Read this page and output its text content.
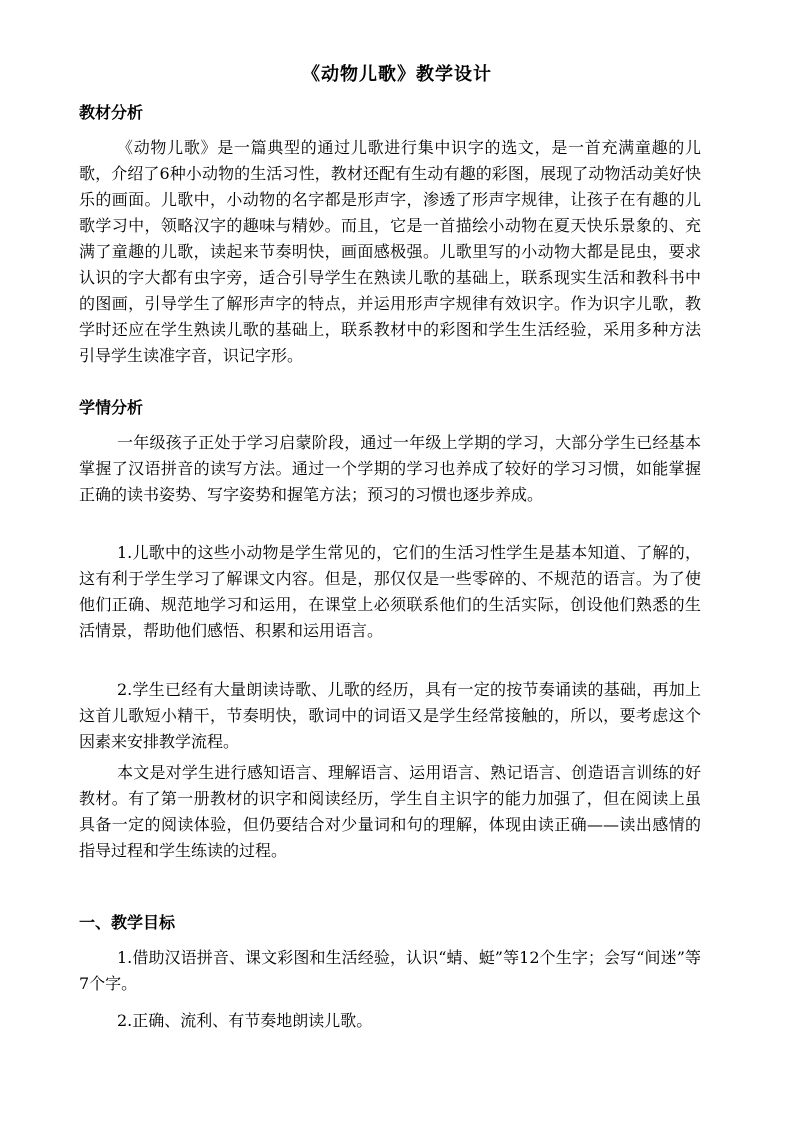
《动物儿歌》教学设计
教材分析

《动物儿歌》是一篇典型的通过儿歌进行集中识字的选文，是一首充满童趣的儿歌，介绍了6种小动物的生活习性，教材还配有生动有趣的彩图，展现了动物活动美好快乐的画面。儿歌中，小动物的名字都是形声字，渗透了形声字规律，让孩子在有趣的儿歌学习中，领略汉字的趣味与精妙。而且，它是一首描绘小动物在夏天快乐景象的、充满了童趣的儿歌，读起来节奏明快，画面感极强。儿歌里写的小动物大都是昆虫，要求认识的字大都有虫字旁，适合引导学生在熟读儿歌的基础上，联系现实生活和教科书中的图画，引导学生了解形声字的特点，并运用形声字规律有效识字。作为识字儿歌，教学时还应在学生熟读儿歌的基础上，联系教材中的彩图和学生生活经验，采用多种方法引导学生读准字音，识记字形。

学情分析

一年级孩子正处于学习启蒙阶段，通过一年级上学期的学习，大部分学生已经基本掌握了汉语拼音的读写方法。通过一个学期的学习也养成了较好的学习习惯，如能掌握正确的读书姿势、写字姿势和握笔方法；预习的习惯也逐步养成。

1.儿歌中的这些小动物是学生常见的，它们的生活习性学生是基本知道、了解的，这有利于学生学习了解课文内容。但是，那仅仅是一些零碎的、不规范的语言。为了使他们正确、规范地学习和运用，在课堂上必须联系他们的生活实际，创设他们熟悉的生活情景，帮助他们感悟、积累和运用语言。

2.学生已经有大量朗读诗歌、儿歌的经历，具有一定的按节奏诵读的基础，再加上这首儿歌短小精干，节奏明快，歌词中的词语又是学生经常接触的，所以，要考虑这个因素来安排教学流程。

本文是对学生进行感知语言、理解语言、运用语言、熟记语言、创造语言训练的好教材。有了第一册教材的识字和阅读经历，学生自主识字的能力加强了，但在阅读上虽具备一定的阅读体验，但仍要结合对少量词和句的理解，体现由读正确——读出感情的指导过程和学生练读的过程。

一、教学目标

1.借助汉语拼音、课文彩图和生活经验，认识“蜻、蜓”等12个生字；会写“间迷”等7个字。

2.正确、流利、有节奏地朗读儿歌。
